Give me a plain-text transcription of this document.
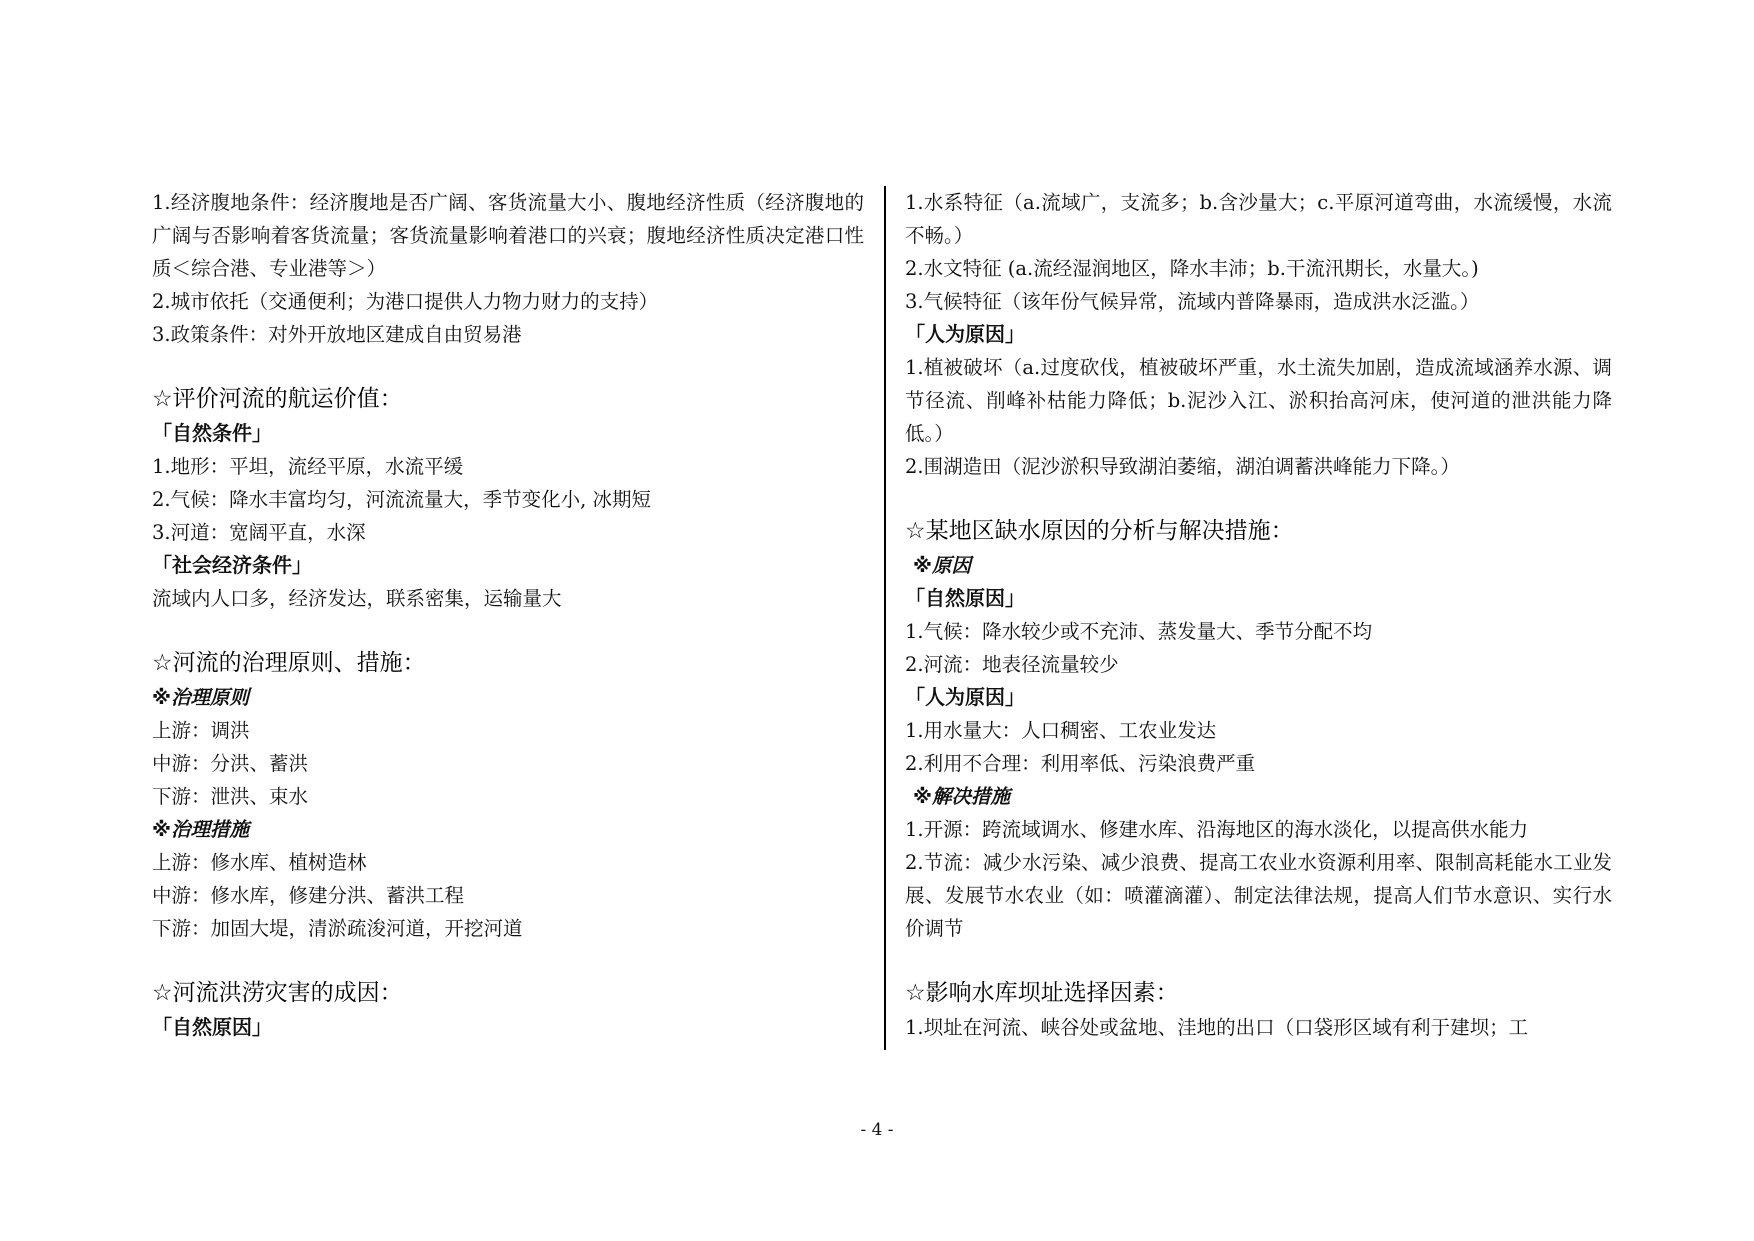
1.经济腹地条件：经济腹地是否广阔、客货流量大小、腹地经济性质（经济腹地的广阔与否影响着客货流量；客货流量影响着港口的兴衰；腹地经济性质决定港口性质＜综合港、专业港等＞）
2.城市依托（交通便利；为港口提供人力物力财力的支持）
3.政策条件：对外开放地区建成自由贸易港
☆评价河流的航运价值：
「自然条件」
1.地形：平坦，流经平原，水流平缓
2.气候：降水丰富均匀，河流流量大，季节变化小, 冰期短
3.河道：宽阔平直，水深
「社会经济条件」
流域内人口多，经济发达，联系密集，运输量大
☆河流的治理原则、措施：
※治理原则
上游：调洪
中游：分洪、蓄洪
下游：泄洪、束水
※治理措施
上游：修水库、植树造林
中游：修水库，修建分洪、蓄洪工程
下游：加固大堤，清淤疏浚河道，开挖河道
☆河流洪涝灾害的成因：
「自然原因」
1.水系特征（a.流域广，支流多；b.含沙量大；c.平原河道弯曲，水流缓慢，水流不畅。）
2.水文特征 (a.流经湿润地区，降水丰沛；b.干流汛期长，水量大。)
3.气候特征（该年份气候异常，流域内普降暴雨，造成洪水泛滥。）
「人为原因」
1.植被破坏（a.过度砍伐，植被破坏严重，水土流失加剧，造成流域涵养水源、调节径流、削峰补枯能力降低；b.泥沙入江、淤积抬高河床，使河道的泄洪能力降低。）
2.围湖造田（泥沙淤积导致湖泊萎缩，湖泊调蓄洪峰能力下降。）
☆某地区缺水原因的分析与解决措施：
※原因
「自然原因」
1.气候：降水较少或不充沛、蒸发量大、季节分配不均
2.河流：地表径流量较少
「人为原因」
1.用水量大：人口稠密、工农业发达
2.利用不合理：利用率低、污染浪费严重
※解决措施
1.开源：跨流域调水、修建水库、沿海地区的海水淡化，以提高供水能力
2.节流：减少水污染、减少浪费、提高工农业水资源利用率、限制高耗能水工业发展、发展节水农业（如：喷灌滴灌）、制定法律法规，提高人们节水意识、实行水价调节
☆影响水库坝址选择因素：
1.坝址在河流、峡谷处或盆地、洼地的出口（口袋形区域有利于建坝；工
- 4 -
